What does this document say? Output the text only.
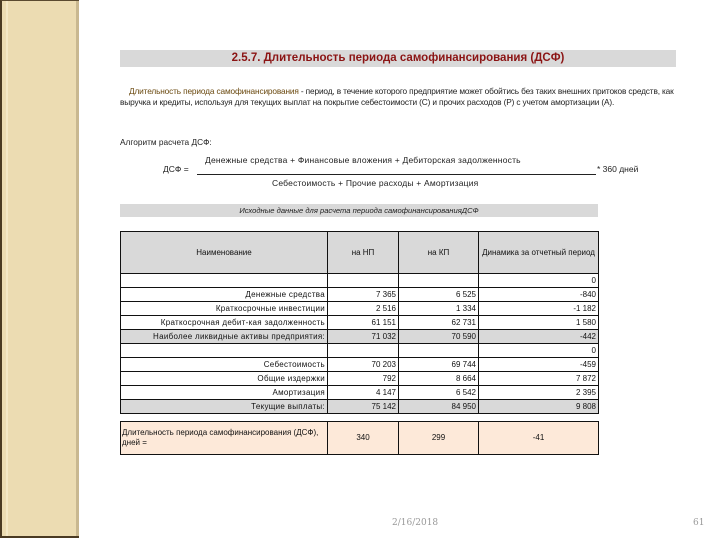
2.5.7. Длительность периода самофинансирования (ДСФ)
Длительность периода самофинансирования - период, в течение которого предприятие может обойтись без таких внешних притоков средств, как выручка и кредиты, используя для текущих выплат на покрытие себестоимости (С) и прочих расходов (Р) с учетом амортизации (А).
Алгоритм расчета ДСФ:
ДСФ =
Денежные средства + Финансовые вложения + Дебиторская задолженность
* 360 дней
Себестоимость + Прочие расходы + Амортизация
Исходные данные для расчета периода самофинансированияДСФ
Наименование	на НП	на КП	Динамика за отчетный период
			0
Денежные средства	7 365	6 525	-840
Краткосрочные инвестиции	2 516	1 334	-1 182
Краткосрочная дебит-кая задолженность	61 151	62 731	1 580
Наиболее ликвидные активы предприятия:	71 032	70 590	-442
			0
Себестоимость	70 203	69 744	-459
Общие издержки	792	8 664	7 872
Амортизация	4 147	6 542	2 395
Текущие выплаты:	75 142	84 950	9 808
Длительность периода самофинансирования (ДСФ), дней =	340	299	-41
2/16/2018	61
